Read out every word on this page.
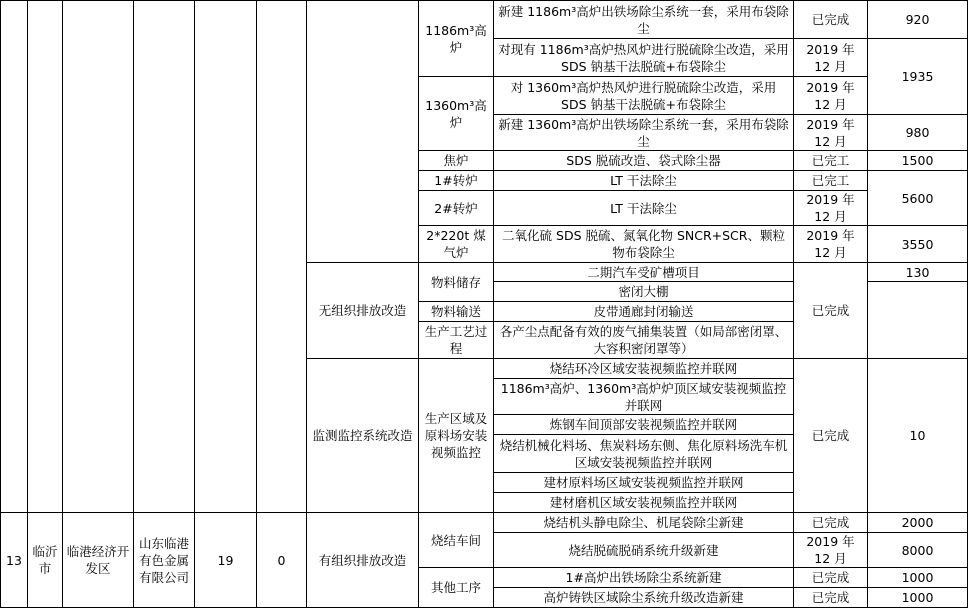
							1186m³高炉	新建 1186m³高炉出铁场除尘系统一套，采用布袋除尘	已完成	920
								对现有 1186m³高炉热风炉进行脱硫除尘改造，采用 SDS 钠基干法脱硫+布袋除尘	2019 年 12 月	1935
							1360m³高炉	对 1360m³高炉热风炉进行脱硫除尘改造，采用 SDS 钠基干法脱硫+布袋除尘	2019 年 12 月	
								新建 1360m³高炉出铁场除尘系统一套，采用布袋除尘	2019 年 12 月	980
							焦炉	SDS 脱硫改造、袋式除尘器	已完工	1500
							1#转炉	LT 干法除尘	已完工	5600
							2#转炉	LT 干法除尘	2019 年 12 月	
							2*220t 煤气炉	二氧化硫 SDS 脱硫、氮氧化物 SNCR+SCR、颗粒物布袋除尘	2019 年 12 月	3550
						无组织排放改造	物料储存	二期汽车受矿槽项目	已完成	130
								密闭大棚		
							物料输送	皮带通廊封闭输送		
							生产工艺过程	各产尘点配备有效的废气捕集装置（如局部密闭罩、大容积密闭罩等）		
						监测监控系统改造	生产区域及原料场安装视频监控	烧结环冷区域安装视频监控并联网	已完成	10
								1186m³高炉、1360m³高炉炉顶区域安装视频监控并联网		
								炼钢车间顶部安装视频监控并联网		
								烧结机械化料场、焦炭料场东侧、焦化原料场洗车机区域安装视频监控并联网		
								建材原料场区域安装视频监控并联网		
								建材磨机区域安装视频监控并联网		
13	临沂市	临港经济开发区	山东临港有色金属有限公司	19	0	有组织排放改造	烧结车间	烧结机头静电除尘、机尾袋除尘新建	已完成	2000
								烧结脱硫脱硝系统升级新建	2019 年 12 月	8000
							其他工序	1#高炉出铁场除尘系统新建	已完成	1000
								高炉铸铁区域除尘系统升级改造新建	已完成	1000
